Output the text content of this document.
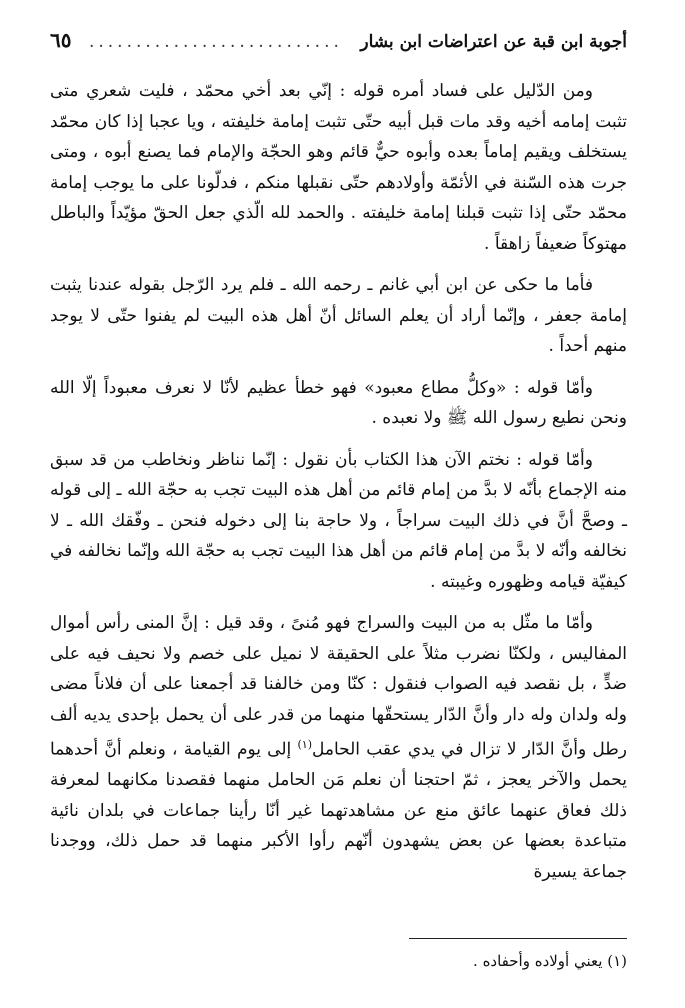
أجوبة ابن قبة عن اعتراضات ابن بشار
...........................
٦٥

ومن الدّليل على فساد أمره قوله : إنّي بعد أخي محمّد ، فليت شعري متى تثبت إمامه أخيه وقد مات قبل أبيه حتّى تثبت إمامة خليفته ، ويا عجبا إذا كان محمّد يستخلف ويقيم إماماً بعده وأبوه حيٌّ قائم وهو الحجّة والإمام فما يصنع أبوه ، ومتى جرت هذه السّنة في الأئمّة وأولادهم حتّى نقبلها منكم ، فدلّونا على ما يوجب إمامة محمّد حتّى إذا تثبت قبلنا إمامة خليفته . والحمد لله الّذي جعل الحقّ مؤيّداً والباطل مهتوكاً ضعيفاً زاهقاً .

فأما ما حكى عن ابن أبي غانم ـ رحمه الله ـ فلم يرد الرّجل بقوله عندنا يثبت إمامة جعفر ، وإنّما أراد أن يعلم السائل أنّ أهل هذه البيت لم يفنوا حتّى لا يوجد منهم أحداً .

وأمّا قوله : «وكلُّ مطاع معبود» فهو خطأ عظيم لأنّا لا نعرف معبوداً إلّا الله ونحن نطيع رسول الله ﷺ ولا نعبده .

وأمّا قوله : نختم الآن هذا الكتاب بأن نقول : إنّما نناظر ونخاطب من قد سبق منه الإجماع بأنّه لا بدَّ من إمام قائم من أهل هذه البيت تجب به حجّة الله ـ إلى قوله ـ وصحَّ أنَّ في ذلك البيت سراجاً ، ولا حاجة بنا إلى دخوله فنحن ـ وفّقك الله ـ لا نخالفه وأنّه لا بدَّ من إمام قائم من أهل هذا البيت تجب به حجّة الله وإنّما نخالفه في كيفيّة قيامه وظهوره وغيبته .

وأمّا ما مثّل به من البيت والسراج فهو مُنىً ، وقد قيل : إنَّ المنى رأس أموال المفاليس ، ولكنّا نضرب مثلاً على الحقيقة لا نميل على خصم ولا نحيف فيه على ضدٍّ ، بل نقصد فيه الصواب فنقول : كنّا ومن خالفنا قد أجمعنا على أن فلاناً مضى وله ولدان وله دار وأنَّ الدّار يستحقّها منهما من قدر على أن يحمل بإحدى يديه ألف رطل وأنَّ الدّار لا تزال في يدي عقب الحامل$^{(١)}$ إلى يوم القيامة ، ونعلم أنَّ أحدهما يحمل والآخر يعجز ، ثمّ احتجنا أن نعلم مَن الحامل منهما فقصدنا مكانهما لمعرفة ذلك فعاق عنهما عائق منع عن مشاهدتهما غير أنّا رأينا جماعات في بلدان نائية متباعدة بعضها عن بعض يشهدون أنّهم رأوا الأكبر منهما قد حمل ذلك، ووجدنا جماعة يسيرة

(١) يعني أولاده وأحفاده .
